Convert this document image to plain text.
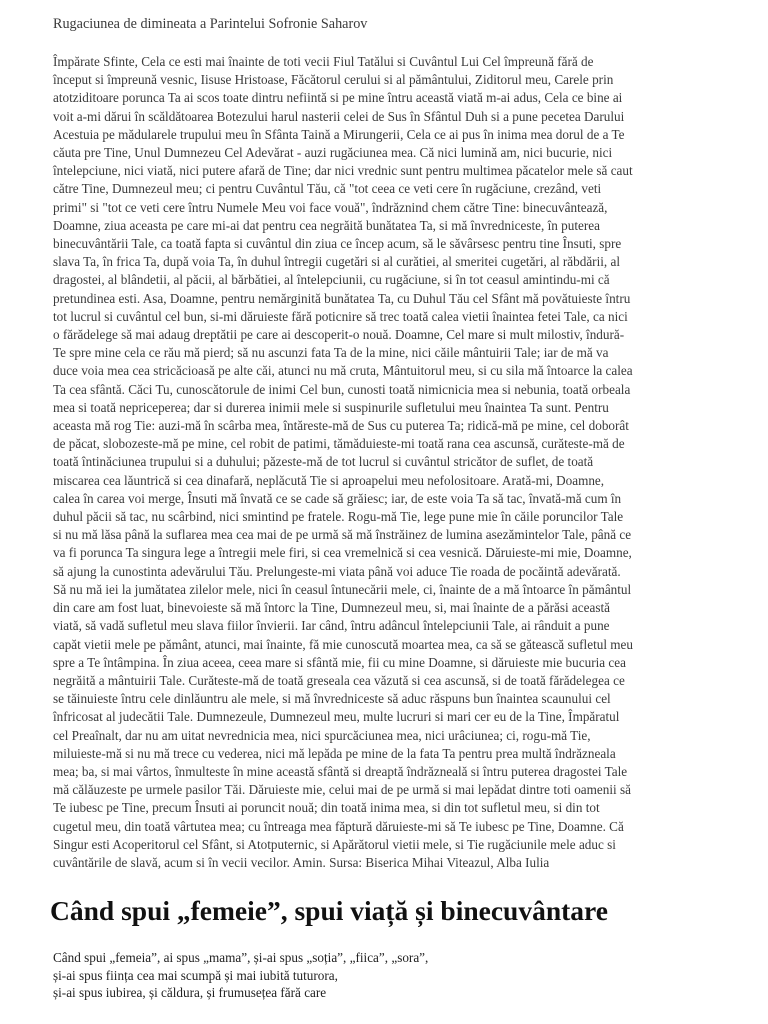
Rugaciunea de dimineata a Parintelui Sofronie Saharov

Împărate Sfinte, Cela ce esti mai înainte de toti vecii Fiul Tatălui si Cuvântul Lui Cel împreună fără de
început si împreună vesnic, Iisuse Hristoase, Făcătorul cerului si al pământului, Ziditorul meu, Carele prin
atotziditoare porunca Ta ai scos toate dintru nefiintă si pe mine întru această viată m-ai adus, Cela ce bine ai
voit a-mi dărui în scăldătoarea Botezului harul nasterii celei de Sus în Sfântul Duh si a pune pecetea Darului
Acestuia pe mădularele trupului meu în Sfânta Taină a Mirungerii, Cela ce ai pus în inima mea dorul de a Te
căuta pre Tine, Unul Dumnezeu Cel Adevărat - auzi rugăciunea mea. Că nici lumină am, nici bucurie, nici
întelepciune, nici viată, nici putere afară de Tine; dar nici vrednic sunt pentru multimea păcatelor mele să caut
către Tine, Dumnezeul meu; ci pentru Cuvântul Tău, că "tot ceea ce veti cere în rugăciune, crezând, veti
primi" si "tot ce veti cere întru Numele Meu voi face vouă", îndrăznind chem către Tine: binecuvântează,
Doamne, ziua aceasta pe care mi-ai dat pentru cea negrăită bunătatea Ta, si mă învredniceste, în puterea
binecuvântării Tale, ca toată fapta si cuvântul din ziua ce încep acum, să le săvârsesc pentru tine Însuti, spre
slava Ta, în frica Ta, după voia Ta, în duhul întregii cugetări si al curătiei, al smeritei cugetări, al răbdării, al
dragostei, al blândetii, al păcii, al bărbătiei, al întelepciunii, cu rugăciune, si în tot ceasul amintindu-mi că
pretundinea esti. Asa, Doamne, pentru nemărginită bunătatea Ta, cu Duhul Tău cel Sfânt mă povătuieste întru
tot lucrul si cuvântul cel bun, si-mi dăruieste fără poticnire să trec toată calea vietii înaintea fetei Tale, ca nici
o fărădelege să mai adaug dreptătii pe care ai descoperit-o nouă. Doamne, Cel mare si mult milostiv, îndură-
Te spre mine cela ce rău mă pierd; să nu ascunzi fata Ta de la mine, nici căile mântuirii Tale; iar de mă va
duce voia mea cea stricăcioasă pe alte căi, atunci nu mă cruta, Mântuitorul meu, si cu sila mă întoarce la calea
Ta cea sfântă. Căci Tu, cunoscătorule de inimi Cel bun, cunosti toată nimicnicia mea si nebunia, toată orbeala
mea si toată nepriceperea; dar si durerea inimii mele si suspinurile sufletului meu înaintea Ta sunt. Pentru
aceasta mă rog Tie: auzi-mă în scârba mea, întăreste-mă de Sus cu puterea Ta; ridică-mă pe mine, cel doborât
de păcat, slobozeste-mă pe mine, cel robit de patimi, tămăduieste-mi toată rana cea ascunsă, curăteste-mă de
toată întinăciunea trupului si a duhului; păzeste-mă de tot lucrul si cuvântul stricător de suflet, de toată
miscarea cea lăuntrică si cea dinafară, neplăcută Tie si aproapelui meu nefolositoare. Arată-mi, Doamne,
calea în carea voi merge, Însuti mă învată ce se cade să grăiesc; iar, de este voia Ta să tac, învată-mă cum în
duhul păcii să tac, nu scârbind, nici smintind pe fratele. Rogu-mă Tie, lege pune mie în căile poruncilor Tale
si nu mă lăsa până la suflarea mea cea mai de pe urmă să mă înstrăinez de lumina asezămintelor Tale, până ce
va fi porunca Ta singura lege a întregii mele firi, si cea vremelnică si cea vesnică. Dăruieste-mi mie, Doamne,
să ajung la cunostinta adevărului Tău. Prelungeste-mi viata până voi aduce Tie roada de pocăintă adevărată.
Să nu mă iei la jumătatea zilelor mele, nici în ceasul întunecării mele, ci, înainte de a mă întoarce în pământul
din care am fost luat, binevoieste să mă întorc la Tine, Dumnezeul meu, si, mai înainte de a părăsi această
viată, să vadă sufletul meu slava fiilor învierii. Iar când, întru adâncul întelepciunii Tale, ai rânduit a pune
capăt vietii mele pe pământ, atunci, mai înainte, fă mie cunoscută moartea mea, ca să se gătească sufletul meu
spre a Te întâmpina. În ziua aceea, ceea mare si sfântă mie, fii cu mine Doamne, si dăruieste mie bucuria cea
negrăită a mântuirii Tale. Curăteste-mă de toată greseala cea văzută si cea ascunsă, si de toată fărădelegea ce
se tăinuieste întru cele dinlăuntru ale mele, si mă învredniceste să aduc răspuns bun înaintea scaunului cel
înfricosat al judecătii Tale. Dumnezeule, Dumnezeul meu, multe lucruri si mari cer eu de la Tine, Împăratul
cel Preaînalt, dar nu am uitat nevrednicia mea, nici spurcăciunea mea, nici urâciunea; ci, rogu-mă Tie,
miluieste-mă si nu mă trece cu vederea, nici mă lepăda pe mine de la fata Ta pentru prea multă îndrăzneala
mea; ba, si mai vârtos, înmulteste în mine această sfântă si dreaptă îndrăzneală si întru puterea dragostei Tale
mă călăuzeste pe urmele pasilor Tăi. Dăruieste mie, celui mai de pe urmă si mai lepădat dintre toti oamenii să
Te iubesc pe Tine, precum Însuti ai poruncit nouă; din toată inima mea, si din tot sufletul meu, si din tot
cugetul meu, din toată vârtutea mea; cu întreaga mea făptură dăruieste-mi să Te iubesc pe Tine, Doamne. Că
Singur esti Acoperitorul cel Sfânt, si Atotputernic, si Apărătorul vietii mele, si Tie rugăciunile mele aduc si
cuvântările de slavă, acum si în vecii vecilor. Amin. Sursa: Biserica Mihai Viteazul, Alba Iulia

Când spui „femeie”, spui viață și binecuvântare

Când spui „femeia”, ai spus „mama”, și-ai spus „soția”, „fiica”, „sora”,
și-ai spus ființa cea mai scumpă și mai iubită tuturora,
și-ai spus iubirea, și căldura, și frumusețea fără care
